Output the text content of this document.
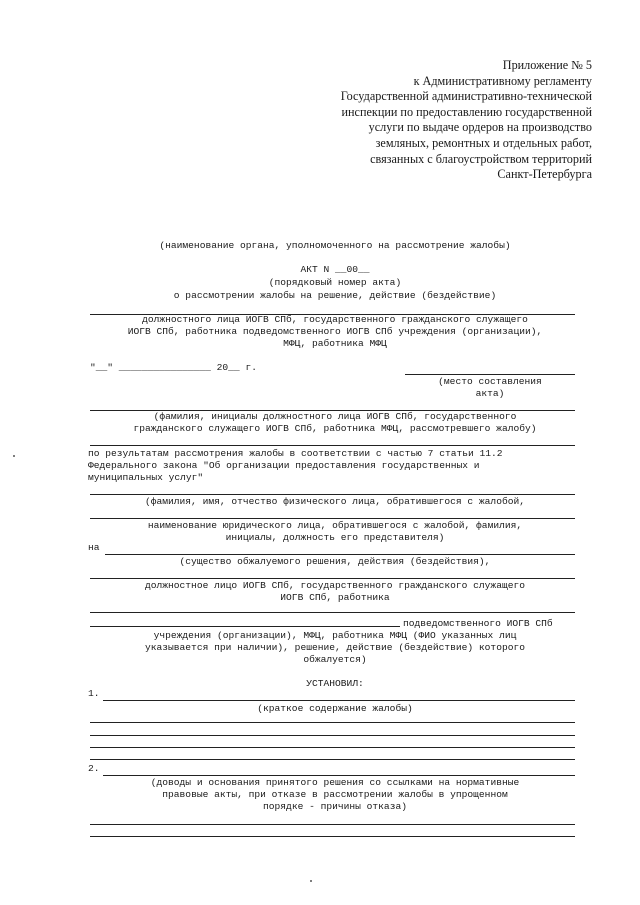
Приложение № 5
к Административному регламенту
Государственной административно-технической
инспекции по предоставлению государственной
услуги по выдаче ордеров на производство
земляных, ремонтных и отдельных работ,
связанных с благоустройством территорий
Санкт-Петербурга
(наименование органа, уполномоченного на рассмотрение жалобы)
АКТ N __00__
(порядковый номер акта)
о рассмотрении жалобы на решение, действие (бездействие)
должностного лица ИОГВ СПб, государственного гражданского служащего
ИОГВ СПб, работника подведомственного ИОГВ СПб учреждения (организации),
МФЦ, работника МФЦ
"__" ________________ 20__ г.
(место составления
акта)
(фамилия, инициалы должностного лица ИОГВ СПб, государственного
гражданского служащего ИОГВ СПб, работника МФЦ, рассмотревшего жалобу)
по результатам рассмотрения жалобы в соответствии с частью 7 статьи 11.2
Федерального закона "Об организации предоставления государственных и
муниципальных услуг"
(фамилия, имя, отчество физического лица, обратившегося с жалобой,
наименование юридического лица, обратившегося с жалобой, фамилия,
инициалы, должность его представителя)
на
(существо обжалуемого решения, действия (бездействия),
должностное лицо ИОГВ СПб, государственного гражданского служащего
ИОГВ СПб, работника
подведомственного ИОГВ СПб
учреждения (организации), МФЦ, работника МФЦ (ФИО указанных лиц
указывается при наличии), решение, действие (бездействие) которого
обжалуется)
УСТАНОВИЛ:
1.
(краткое содержание жалобы)
2.
(доводы и основания принятого решения со ссылками на нормативные
правовые акты, при отказе в рассмотрении жалобы в упрощенном
порядке - причины отказа)
